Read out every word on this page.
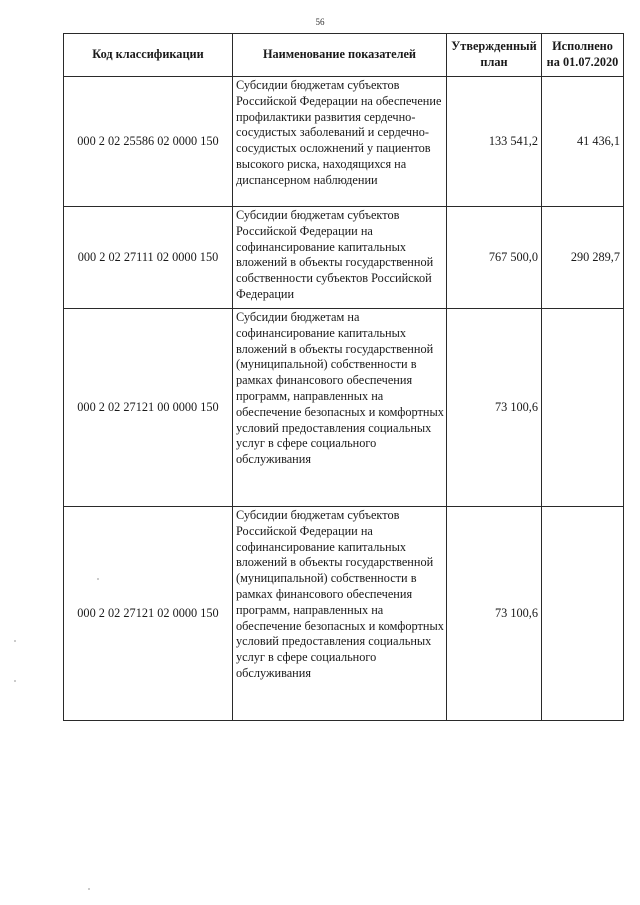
56
Код классификации	Наименование показателей	Утвержденный план	Исполнено на 01.07.2020
000 2 02 25586 02 0000 150	Субсидии бюджетам субъектов Российской Федерации на обеспечение профилактики развития сердечно-сосудистых заболеваний и сердечно-сосудистых осложнений у пациентов высокого риска, находящихся на диспансерном наблюдении	133 541,2	41 436,1
000 2 02 27111 02 0000 150	Субсидии бюджетам субъектов Российской Федерации на софинансирование капитальных вложений в объекты государственной собственности субъектов Российской Федерации	767 500,0	290 289,7
000 2 02 27121 00 0000 150	Субсидии бюджетам на софинансирование капитальных вложений в объекты государственной (муниципальной) собственности в рамках финансового обеспечения программ, направленных на обеспечение безопасных и комфортных условий предоставления социальных услуг в сфере социального обслуживания	73 100,6	
000 2 02 27121 02 0000 150	Субсидии бюджетам субъектов Российской Федерации на софинансирование капитальных вложений в объекты государственной (муниципальной) собственности в рамках финансового обеспечения программ, направленных на обеспечение безопасных и комфортных условий предоставления социальных услуг в сфере социального обслуживания	73 100,6	
